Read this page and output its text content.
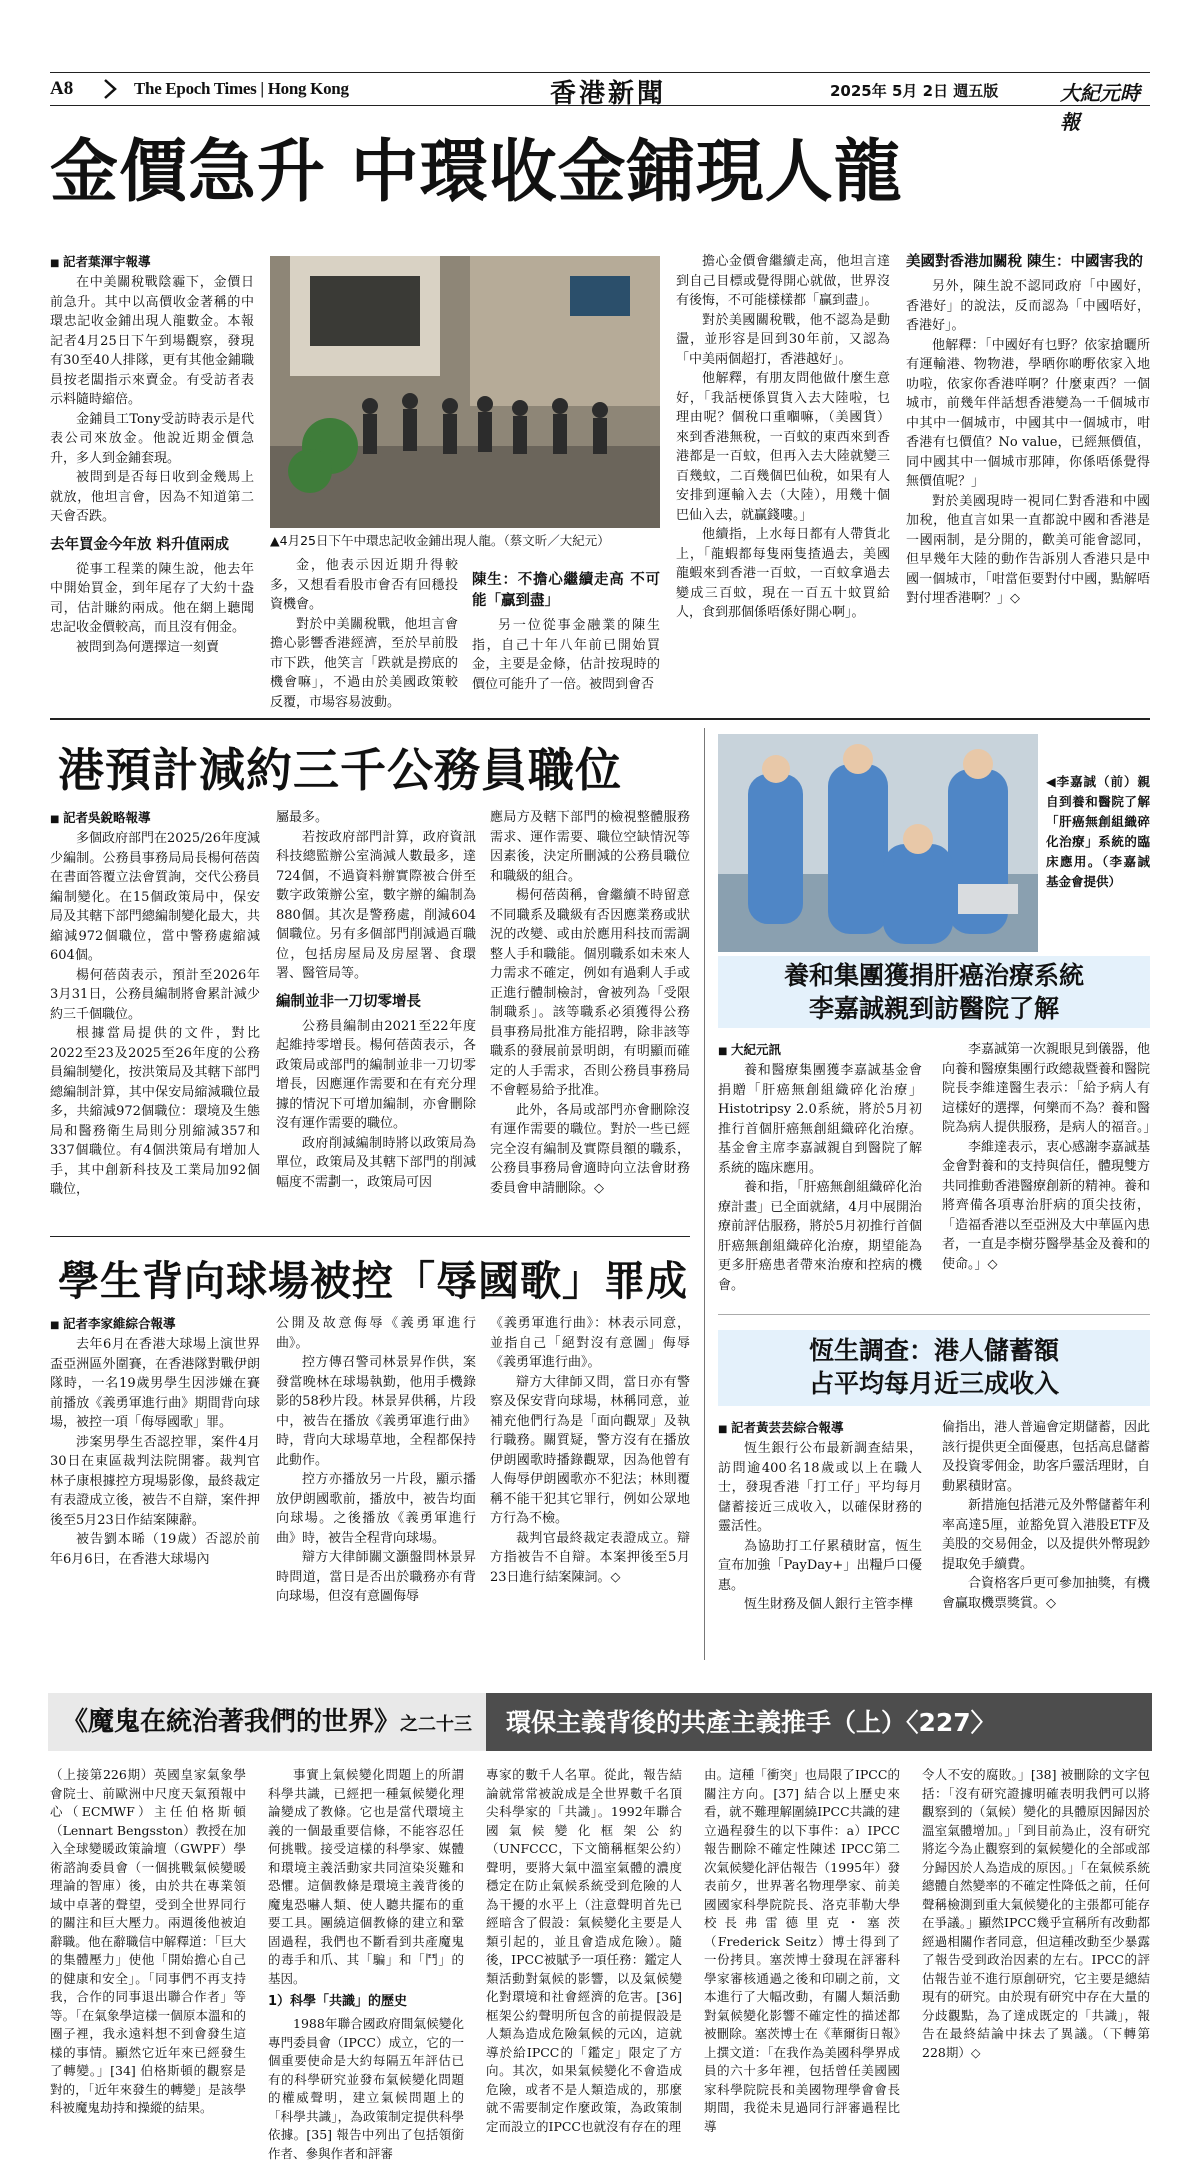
A8	The Epoch Times | Hong Kong	香港新聞	2025年 5月 2日 週五版	大紀元時報
金價急升 中環收金鋪現人龍
■ 記者葉渾宇報導

在中美關稅戰陰霾下，金價日前急升。其中以高價收金著稱的中環忠記收金鋪出現人龍數金。本報記者4月25日下午到場觀察，發現有30至40人排隊，更有其他金鋪職員按老闆指示來賣金。有受訪者表示料隨時縮倍。

金鋪員工Tony受訪時表示是代表公司來放金。他說近期金價急升，多人到金鋪套現。

被問到是否每日收到金幾馬上就放，他坦言會，因為不知道第二天會否跌。

去年買金今年放 料升值兩成

從事工程業的陳生說，他去年中開始買金，到年尾存了大約十盎司，估計賺約兩成。他在網上聽聞忠記收金價較高，而且沒有佣金。

被問到為何選擇這一刻賣

▲4月25日下午中環忠記收金鋪出現人龍。（蔡文昕／大紀元）

金，他表示因近期升得較多，又想看看股市會否有回穩投資機會。

對於中美關稅戰，他坦言會擔心影響香港經濟，至於早前股市下跌，他笑言「跌就是撈底的機會嘛」，不過由於美國政策較反覆，市場容易波動。

陳生：不擔心繼續走高 不可能「贏到盡」

另一位從事金融業的陳生指，自己十年八年前已開始買金，主要是金條，估計按現時的價位可能升了一倍。被問到會否

擔心金價會繼續走高，他坦言達到自己目標或覺得開心就做，世界沒有後悔，不可能樣樣都「贏到盡」。

對於美國關稅戰，他不認為是動盪，並形容是回到30年前，又認為「中美兩個超打，香港越好」。

他解釋，有朋友問他做什麼生意好，「我話梗係買貨入去大陸啦，乜理由呢？個稅口重嗰嘛，（美國貨）來到香港無稅，一百蚊的東西來到香港都是一百蚊，但再入去大陸就變三百幾蚊，二百幾個巴仙稅，如果有人安排到運輸入去（大陸），用幾十個巴仙入去，就贏錢嘍。」

他續指，上水每日都有人帶貨北上，「龍蝦都每隻兩隻揸過去，美國龍蝦來到香港一百蚊，一百蚊拿過去變成三百蚊，現在一百五十蚊買給人，食到那個係唔係好開心啊」。

美國對香港加關稅 陳生：中國害我的

另外，陳生說不認同政府「中國好，香港好」的說法，反而認為「中國唔好，香港好」。

他解釋：「中國好有乜野？依家搶曬所有運輸港、物物港，學晒你啲嘢依家入地叻啦，依家你香港咩啊？什麼東西？一個城市，前幾年伴話想香港變為一千個城市中其中一個城市，中國其中一個城市，咁香港有乜價值？No value，已經無價值，同中國其中一個城市那陣，你係唔係覺得無價值呢？」

對於美國現時一視同仁對香港和中國加稅，他直言如果一直都說中國和香港是一國兩制，是分開的，歡美可能會認同，但早幾年大陸的動作告訴別人香港只是中國一個城市，「咁當佢要對付中國，點解唔對付埋香港啊？」◇

港預計減約三千公務員職位
■ 記者吳銳略報導

多個政府部門在2025/26年度減少編制。公務員事務局局長楊何蓓茵在書面答覆立法會質詢，交代公務員編制變化。在15個政策局中，保安局及其轄下部門總編制變化最大，共縮減972個職位，當中警務處縮減604個。

楊何蓓茵表示，預計至2026年3月31日，公務員編制將會累計減少約三千個職位。

根據當局提供的文件，對比2022至23及2025至26年度的公務員編制變化，按洪策局及其轄下部門總編制計算，其中保安局縮減職位最多，共縮減972個職位：環境及生態局和醫務衛生局則分別縮減357和337個職位。有4個洪策局有增加人手，其中創新科技及工業局加92個職位，

屬最多。

若按政府部門計算，政府資訊科技總監辦公室淌減人數最多，達724個，不過資料辦實際被合併至數字政策辦公室，數字辦的編制為880個。其次是警務處，削減604個職位。另有多個部門削減過百職位，包括房屋局及房屋署、食環署、醫管局等。

編制並非一刀切零增長

公務員編制由2021至22年度起維持零增長。楊何蓓茵表示，各政策局或部門的編制並非一刀切零增長，因應運作需要和在有充分理據的情況下可增加編制，亦會刪除沒有運作需要的職位。

政府削減編制時將以政策局為單位，政策局及其轄下部門的削減幅度不需劃一，政策局可因

應局方及轄下部門的檢視整體服務需求、運作需要、職位空缺情況等因素後，決定所刪減的公務員職位和職級的組合。

楊何蓓茵稱，會繼續不時留意不同職系及職級有否因應業務或狀況的改變、或由於應用科技而需調整人手和職能。個別職系如未來人力需求不確定，例如有過剩人手或正進行體制檢討，會被列為「受限制職系」。該等職系必須獲得公務員事務局批准方能招聘，除非該等職系的發展前景明朗，有明顯而確定的人手需求，否則公務員事務局不會輕易給予批准。

此外，各局或部門亦會刪除沒有運作需要的職位。對於一些已經完全沒有編制及實際員額的職系，公務員事務局會適時向立法會財務委員會申請刪除。◇

◀李嘉誠（前）親自到養和醫院了解「肝癌無創組織碎化治療」系統的臨床應用。（李嘉誠基金會提供）
養和集團獲捐肝癌治療系統
李嘉誠親到訪醫院了解
■ 大紀元訊

養和醫療集團獲李嘉誠基金會捐贈「肝癌無創組織碎化治療」Histotripsy 2.0系統，將於5月初推行首個肝癌無創組織碎化治療。基金會主席李嘉誠親自到醫院了解系統的臨床應用。

養和指，「肝癌無創組織碎化治療計畫」已全面就緒，4月中展開治療前評估服務，將於5月初推行首個肝癌無創組織碎化治療，期望能為更多肝癌患者帶來治療和控病的機會。

李嘉誠第一次親眼見到儀器，他向養和醫療集團行政總裁暨養和醫院院長李維達醫生表示：「給予病人有這樣好的選擇，何樂而不為？養和醫院為病人提供服務，是病人的福音。」

李維達表示，衷心感謝李嘉誠基金會對養和的支持與信任，體現雙方共同推動香港醫療創新的精神。養和將齊備各項專治肝病的頂尖技術，「造福香港以至亞洲及大中華區內患者，一直是李樹芬醫學基金及養和的使命。」◇

學生背向球場被控「辱國歌」罪成
■ 記者李家維綜合報導

去年6月在香港大球場上演世界盃亞洲區外圍賽，在香港隊對戰伊朗隊時，一名19歲男學生因涉嫌在賽前播放《義勇軍進行曲》期間背向球場，被控一項「侮辱國歌」罪。

涉案男學生否認控罪，案件4月30日在東區裁判法院開審。裁判官林子康根據控方現場影像，最終裁定有表證成立後，被告不自辯，案件押後至5月23日作結案陳辭。

被告劉本晞（19歲）否認於前年6月6日，在香港大球場內

公開及故意侮辱《義勇軍進行曲》。

控方傳召警司林景昇作供，案發當晚林在球場執勤，他用手機錄影的58秒片段。林景昇供稱，片段中，被告在播放《義勇軍進行曲》時，背向大球場草地，全程都保持此動作。

控方亦播放另一片段，顯示播放伊朗國歌前，播放中，被告均面向球場。之後播放《義勇軍進行曲》時，被告全程背向球場。

辯方大律師關文灝盤問林景昇時問道，當日是否出於職務亦有背向球場，但沒有意圖侮辱

《義勇軍進行曲》：林表示同意，並指自己「絕對沒有意圖」侮辱《義勇軍進行曲》。

辯方大律師又問，當日亦有警察及保安背向球場，林稱同意，並補充他們行為是「面向觀眾」及執行職務。關質疑，警方沒有在播放伊朗國歌時播錄觀眾，因為他曾有人侮辱伊朗國歌亦不犯法；林則覆稱不能干犯其它罪行，例如公眾地方行為不檢。

裁判官最終裁定表證成立。辯方指被告不自辯。本案押後至5月23日進行結案陳詞。◇

恆生調查：港人儲蓄額
占平均每月近三成收入
■ 記者黃芸芸綜合報導

恆生銀行公布最新調查結果，訪問逾400名18歲或以上在職人士，發現香港「打工仔」平均每月儲蓄接近三成收入，以確保財務的靈活性。

為協助打工仔累積財富，恆生宣布加強「PayDay+」出糧戶口優惠。

恆生財務及個人銀行主管李樺

倫指出，港人普遍會定期儲蓄，因此該行提供更全面優惠，包括高息儲蓄及投資零佣金，助客戶靈活理財，自動累積財富。

新措施包括港元及外幣儲蓄年利率高達5厘，並豁免買入港股ETF及美股的交易佣金，以及提供外幣現鈔提取免手續費。

合資格客戶更可參加抽獎，有機會贏取機票獎賞。◇

《魔鬼在統治著我們的世界》之二十三	環保主義背後的共產主義推手（上）〈227〉
（上接第226期）英國皇家氣象學會院士、前歐洲中尺度天氣預報中心（ECMWF）主任伯格斯頓（Lennart Bengsston）教授在加入全球變暖政策論壇（GWPF）學術諮詢委員會（一個挑戰氣候變暖理論的智庫）後，由於共在專業領域中卓著的聲望，受到全世界同行的關注和巨大壓力。兩週後他被迫辭職。他在辭職信中解釋道：「巨大的集體壓力」使他「開始擔心自己的健康和安全」。「同事們不再支持我，合作的同事退出聯合作者」等等。「在氣象學這樣一個原本溫和的圈子裡，我永遠料想不到會發生這樣的事情。顯然它近年來已經發生了轉變。」[34] 伯格斯頓的觀察是對的，「近年來發生的轉變」是該學科被魔鬼劫持和操縱的結果。

事實上氣候變化問題上的所謂科學共識，已經把一種氣候變化理論變成了教條。它也是當代環境主義的一個最重要信條，不能容忍任何挑戰。接受這樣的科學家、媒體和環境主義活動家共同渲染災難和恐懼。這個教條是環境主義背後的魔鬼恐嚇人類、使人聽共擺布的重要工具。團繞這個教條的建立和鞏固過程，我們也不斷看到共產魔鬼的毒手和爪、其「騙」和「鬥」的基因。

1）科學「共識」的歷史

1988年聯合國政府間氣候變化專門委員會（IPCC）成立，它的一個重要使命是大約每隔五年評估已有的科學研究並發布氣候變化問題的權威聲明，建立氣候問題上的「科學共識」，為政策制定提供科學依據。[35] 報告中列出了包括領銜作者、參與作者和評審

專家的數千人名單。從此，報告結論就常常被說成是全世界數千名頂尖科學家的「共識」。1992年聯合國氣候變化框架公約（UNFCCC，下文簡稱框架公約）聲明，要將大氣中溫室氣體的濃度穩定在防止氣候系統受到危險的人為干擾的水平上（注意聲明首先已經暗含了假設：氣候變化主要是人類引起的，並且會造成危險）。隨後，IPCC被賦予一項任務：鑑定人類活動對氣候的影響，以及氣候變化對環境和社會經濟的危害。[36] 框架公約聲明所包含的前提假設是人類為造成危險氣候的元凶，這就導於給IPCC的「鑑定」限定了方向。其次，如果氣候變化不會造成危險，或者不是人類造成的，那麼就不需要制定作麼政策，為政策制定而設立的IPCC也就沒有存在的理
由。這種「衝突」也局限了IPCC的關注方向。[37] 結合以上歷史來看，就不難理解圍繞IPCC共識的建立過程發生的以下事件：a）IPCC報告刪除不確定性陳述 IPCC第二次氣候變化評估報告（1995年）發表前夕，世界著名物理學家、前美國國家科學院院長、洛克菲勒大學校長弗雷德里克・塞茨（Frederick Seitz）博士得到了一份拷貝。塞茨博士發現在評審科學家審核通過之後和印刷之前，文本進行了大幅改動，有關人類活動對氣候變化影響不確定性的描述都被刪除。塞茨博士在《華爾街日報》上撰文道：「在我作為美國科學界成員的六十多年裡，包括曾任美國國家科學院院長和美國物理學會會長期間，我從未見過同行評審過程比導
令人不安的腐敗。」[38] 被刪除的文字包括：「沒有研究證據明確表明我們可以將觀察到的（氣候）變化的具體原因歸因於溫室氣體增加。」「到目前為止，沒有研究將迄今為止觀察到的氣候變化的全部或部分歸因於人為造成的原因。」「在氣候系統總體自然變率的不確定性降低之前，任何聲稱檢測到重大氣候變化的主張都可能存在爭議。」顯然IPCC幾乎宣稱所有改動都經過相關作者同意，但這種改動至少暴露了報告受到政治因素的左右。IPCC的評估報告並不進行原創研究，它主要是總結現有的研究。由於現有研究中存在大量的分歧觀點，為了達成既定的「共識」，報告在最終結論中抹去了異議。（下轉第228期）◇
